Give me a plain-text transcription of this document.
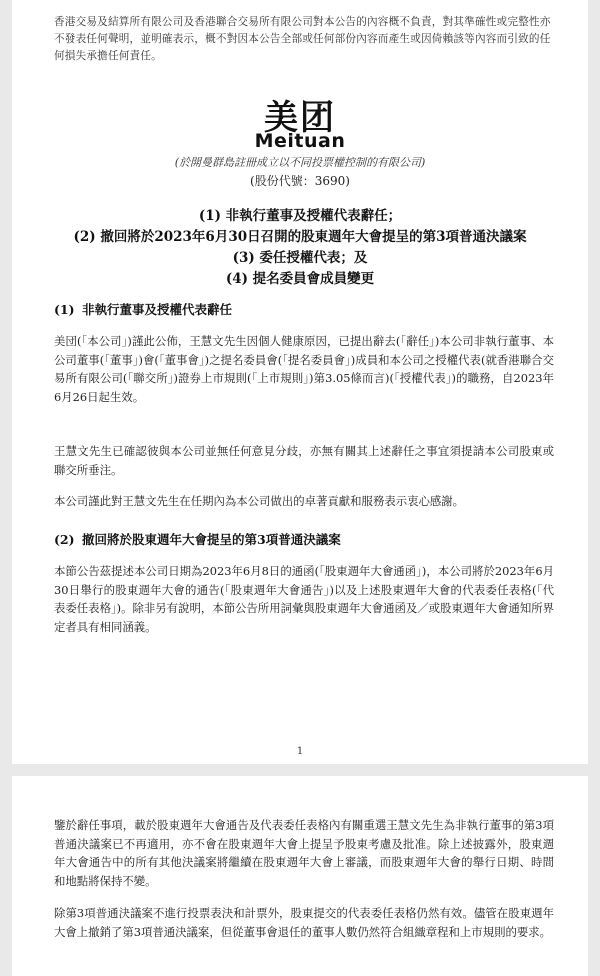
香港交易及結算所有限公司及香港聯合交易所有限公司對本公告的內容概不負責，對其準確性或完整性亦不發表任何聲明，並明確表示，概不對因本公告全部或任何部份內容而產生或因倚賴該等內容而引致的任何損失承擔任何責任。
美团
Meituan
(於開曼群島註冊成立以不同投票權控制的有限公司)
(股份代號：3690)
(1) 非執行董事及授權代表辭任；
(2) 撤回將於2023年6月30日召開的股東週年大會提呈的第3項普通決議案
(3) 委任授權代表；及
(4) 提名委員會成員變更
(1) 非執行董事及授權代表辭任
美団(「本公司」)謹此公佈，王慧文先生因個人健康原因，已提出辭去(「辭任」)本公司非執行董事、本公司董事(「董事」)會(「董事會」)之提名委員會(「提名委員會」)成員和本公司之授權代表(就香港聯合交易所有限公司(「聯交所」)證券上市規則(「上市規則」)第3.05條而言)(「授權代表」)的職務，自2023年6月26日起生效。
王慧文先生已確認彼與本公司並無任何意見分歧，亦無有關其上述辭任之事宜須提請本公司股東或聯交所垂注。
本公司謹此對王慧文先生在任期內為本公司做出的卓著貢獻和服務表示衷心感謝。
(2) 撤回將於股東週年大會提呈的第3項普通決議案
本節公告茲提述本公司日期為2023年6月8日的通函(「股東週年大會通函」)，本公司將於2023年6月30日舉行的股東週年大會的通告(「股東週年大會通告」)以及上述股東週年大會的代表委任表格(「代表委任表格」)。除非另有說明，本節公告所用詞彙與股東週年大會通函及／或股東週年大會通知所界定者具有相同涵義。
1
鑒於辭任事項，載於股東週年大會通告及代表委任表格內有關重選王慧文先生為非執行董事的第3項普通決議案已不再適用，亦不會在股東週年大會上提呈予股東考慮及批准。除上述披露外，股東週年大會通告中的所有其他決議案將繼續在股東週年大會上審議，而股東週年大會的舉行日期、時間和地點將保持不變。
除第3項普通決議案不進行投票表決和計票外，股東提交的代表委任表格仍然有效。儘管在股東週年大會上撤銷了第3項普通決議案，但從董事會退任的董事人數仍然符合組織章程和上市規則的要求。
